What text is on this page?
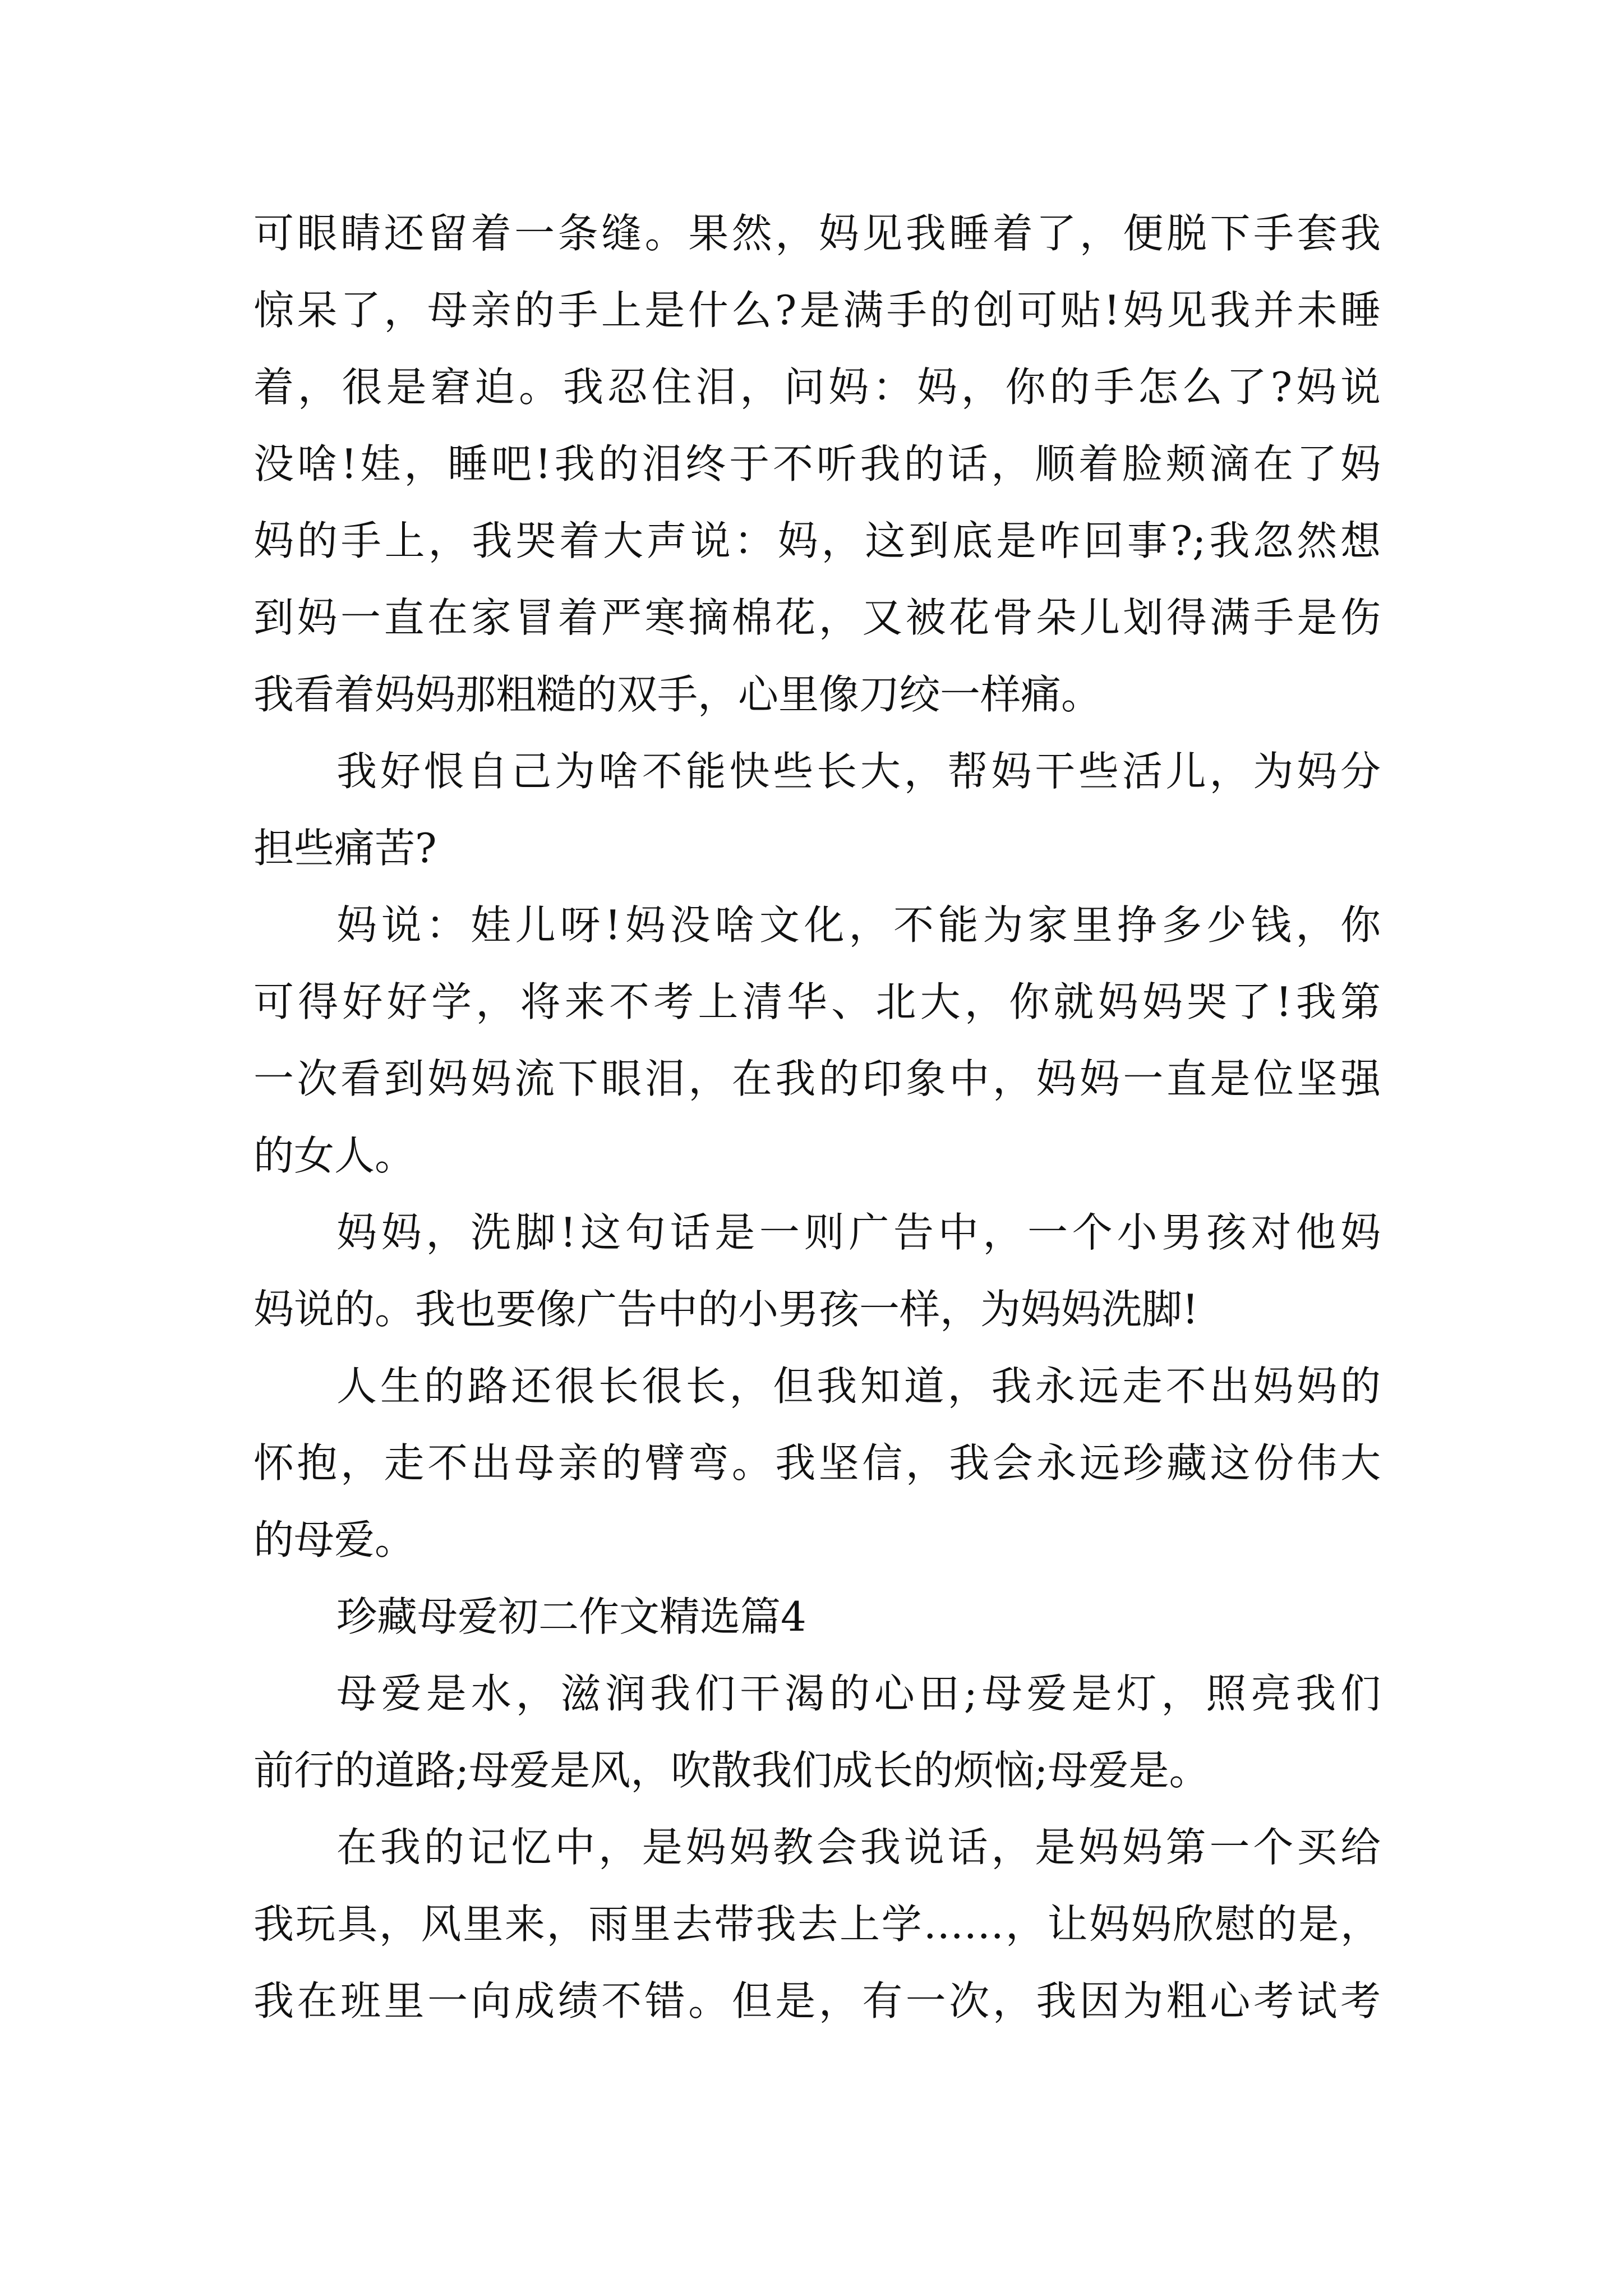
可眼睛还留着一条缝。果然，妈见我睡着了，便脱下手套我
惊呆了，母亲的手上是什么?是满手的创可贴!妈见我并未睡
着，很是窘迫。我忍住泪，问妈：妈，你的手怎么了?妈说
没啥!娃，睡吧!我的泪终于不听我的话，顺着脸颊滴在了妈
妈的手上，我哭着大声说：妈，这到底是咋回事?;我忽然想
到妈一直在家冒着严寒摘棉花，又被花骨朵儿划得满手是伤
我看着妈妈那粗糙的双手，心里像刀绞一样痛。
我好恨自己为啥不能快些长大，帮妈干些活儿，为妈分
担些痛苦?
妈说：娃儿呀!妈没啥文化，不能为家里挣多少钱，你
可得好好学，将来不考上清华、北大，你就妈妈哭了!我第
一次看到妈妈流下眼泪，在我的印象中，妈妈一直是位坚强
的女人。
妈妈，洗脚!这句话是一则广告中，一个小男孩对他妈
妈说的。我也要像广告中的小男孩一样，为妈妈洗脚!
人生的路还很长很长，但我知道，我永远走不出妈妈的
怀抱，走不出母亲的臂弯。我坚信，我会永远珍藏这份伟大
的母爱。
珍藏母爱初二作文精选篇4
母爱是水，滋润我们干渴的心田;母爱是灯，照亮我们
前行的道路;母爱是风，吹散我们成长的烦恼;母爱是。
在我的记忆中，是妈妈教会我说话，是妈妈第一个买给
我玩具，风里来，雨里去带我去上学……，让妈妈欣慰的是，
我在班里一向成绩不错。但是，有一次，我因为粗心考试考
